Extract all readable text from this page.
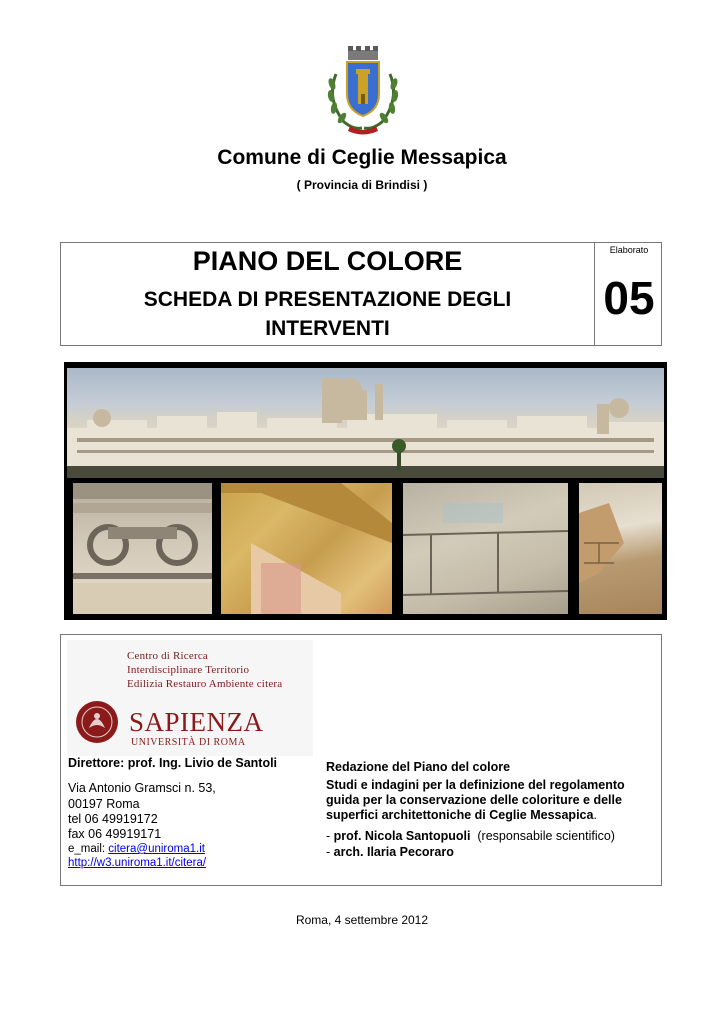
Comune di Ceglie Messapica
( Provincia di Brindisi )
PIANO DEL COLORE
SCHEDA DI PRESENTAZIONE DEGLI
INTERVENTI
Elaborato
05
Centro di Ricerca
Interdisciplinare Territorio
Edilizia Restauro Ambiente citera
SAPIENZA
UNIVERSITÀ DI ROMA
Direttore: prof. Ing. Livio de Santoli
Via Antonio Gramsci n. 53,
00197 Roma
tel 06 49919172
fax 06 49919171
e_mail: citera@uniroma1.it
http://w3.uniroma1.it/citera/
Redazione del Piano del colore
Studi e indagini per la definizione del regolamento
guida per la conservazione delle coloriture e delle
superfici architettoniche di Ceglie Messapica.
- prof. Nicola Santopuoli  (responsabile scientifico)
- arch. Ilaria Pecoraro
Roma, 4 settembre 2012
